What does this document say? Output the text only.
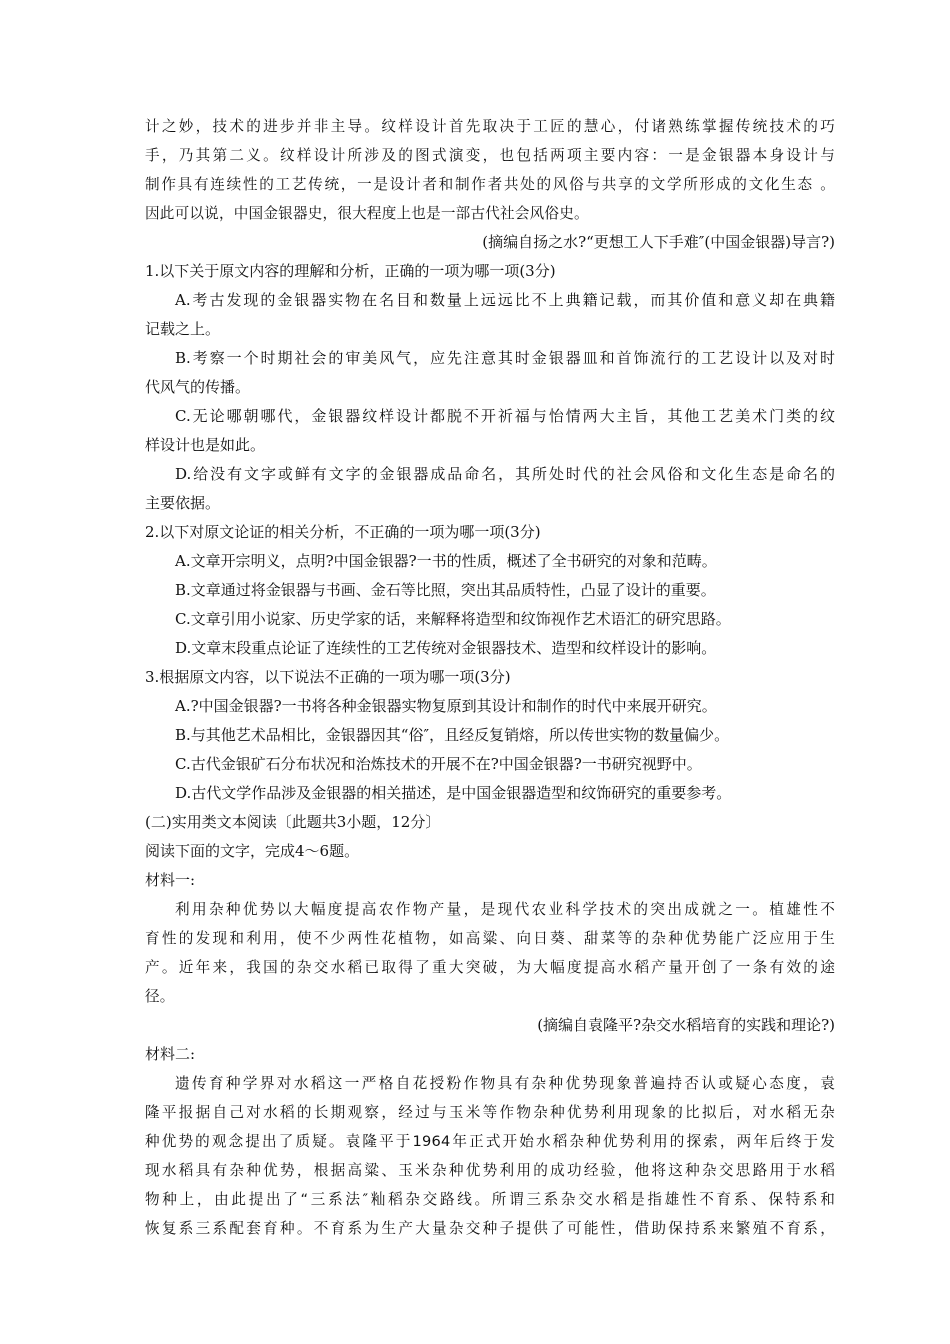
计之妙，技术的进步并非主导。纹样设计首先取决于工匠的慧心，付诸熟练掌握传统技术的巧
手，乃其第二义。纹样设计所涉及的图式演变，也包括两项主要内容：一是金银器本身设计与
制作具有连续性的工艺传统，一是设计者和制作者共处的风俗与共享的文学所形成的文化生态 。
因此可以说，中国金银器史，很大程度上也是一部古代社会风俗史。
(摘编自扬之水?“更想工人下手难″(中国金银器)导言?)
1.以下关于原文内容的理解和分析，正确的一项为哪一项(3分)
A.考古发现的金银器实物在名目和数量上远远比不上典籍记载，而其价值和意义却在典籍
记载之上。
B.考察一个时期社会的审美风气，应先注意其时金银器皿和首饰流行的工艺设计以及对时
代风气的传播。
C.无论哪朝哪代，金银器纹样设计都脱不开祈福与怡情两大主旨，其他工艺美术门类的纹
样设计也是如此。
D.给没有文字或鲜有文字的金银器成品命名，其所处时代的社会风俗和文化生态是命名的
主要依据。
2.以下对原文论证的相关分析，不正确的一项为哪一项(3分)
A.文章开宗明义，点明?中国金银器?一书的性质，概述了全书研究的对象和范畴。
B.文章通过将金银器与书画、金石等比照，突出其品质特性，凸显了设计的重要。
C.文章引用小说家、历史学家的话，来解释将造型和纹饰视作艺术语汇的研究思路。
D.文章末段重点论证了连续性的工艺传统对金银器技术、造型和纹样设计的影响。
3.根据原文内容，以下说法不正确的一项为哪一项(3分)
A.?中国金银器?一书将各种金银器实物复原到其设计和制作的时代中来展开研究。
B.与其他艺术品相比，金银器因其“俗″，且经反复销熔，所以传世实物的数量偏少。
C.古代金银矿石分布状况和治炼技术的开展不在?中国金银器?一书研究视野中。
D.古代文学作品涉及金银器的相关描述，是中国金银器造型和纹饰研究的重要参考。
(二)实用类文本阅读〔此题共3小题，12分〕
阅读下面的文字，完成4～6题。
材料一:
利用杂种优势以大幅度提高农作物产量，是现代农业科学技术的突出成就之一。植雄性不
育性的发现和利用，使不少两性花植物，如高粱、向日葵、甜菜等的杂种优势能广泛应用于生
产。近年来，我国的杂交水稻已取得了重大突破，为大幅度提高水稻产量开创了一条有效的途
径。
(摘编自袁隆平?杂交水稻培育的实践和理论?)
材料二:
遗传育种学界对水稻这一严格自花授粉作物具有杂种优势现象普遍持否认或疑心态度，袁
隆平报据自己对水稻的长期观察，经过与玉米等作物杂种优势利用现象的比拟后，对水稻无杂
种优势的观念提出了质疑。袁隆平于1964年正式开始水稻杂种优势利用的探索，两年后终于发
现水稻具有杂种优势，根据高粱、玉米杂种优势利用的成功经验，他将这种杂交思路用于水稻
物种上，由此提出了“三系法″籼稻杂交路线。所谓三系杂交水稻是指雄性不育系、保特系和
恢复系三系配套育种。不育系为生产大量杂交种子提供了可能性，借助保持系来繁殖不育系，
